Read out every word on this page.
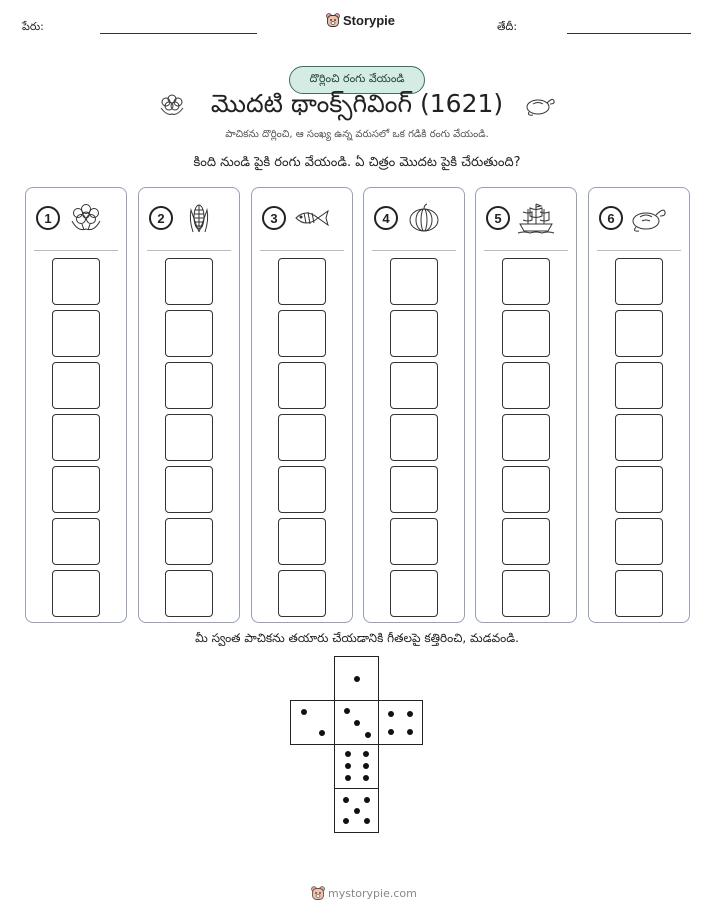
పేరు:	Storypie	తేదీ:
దొర్లించి రంగు వేయండి
మొదటి థాంక్స్‌గివింగ్ (1621)
పాచికను దొర్లించి, ఆ సంఖ్య ఉన్న వరుసలో ఒక గడికి రంగు వేయండి.
కింది నుండి పైకి రంగు వేయండి. ఏ చిత్రం మొదట పైకి చేరుతుంది?
1	2	3	4	5	6
మీ స్వంత పాచికను తయారు చేయడానికి గీతలపై కత్తిరించి, మడవండి.
mystorypie.com
